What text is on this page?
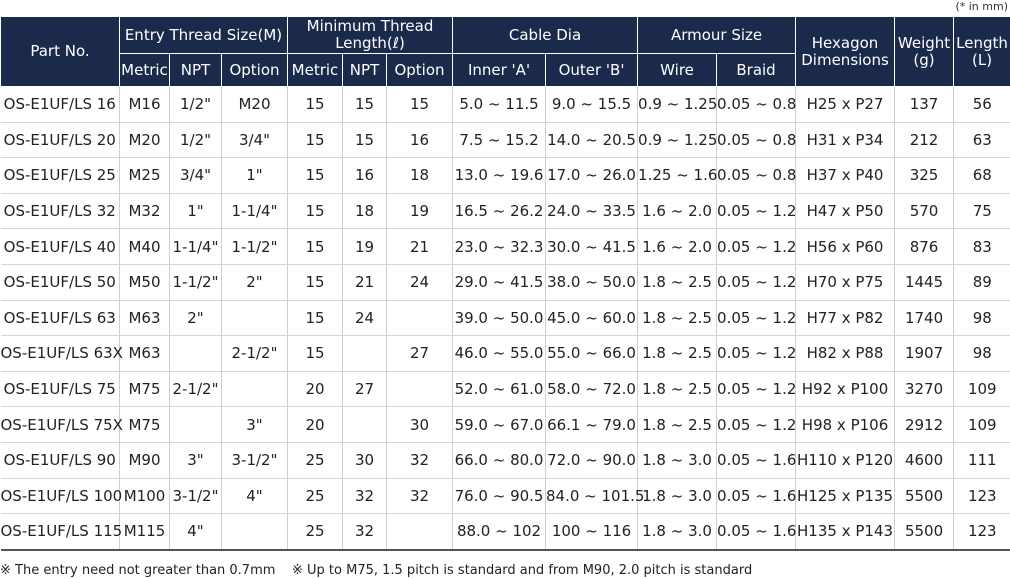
(* in mm)
Part No.	Entry Thread Size(M)			Minimum Thread Length(ℓ)			Cable Dia		Armour Size		Hexagon Dimensions	Weight (g)	Length (L)
	Metric	NPT	Option	Metric	NPT	Option	Inner 'A'	Outer 'B'	Wire	Braid			
OS-E1UF/LS 16	M16	1/2"	M20	15	15	15	5.0 ~ 11.5	9.0 ~ 15.5	0.9 ~ 1.25	0.05 ~ 0.8	H25 x P27	137	56
OS-E1UF/LS 20	M20	1/2"	3/4"	15	15	16	7.5 ~ 15.2	14.0 ~ 20.5	0.9 ~ 1.25	0.05 ~ 0.8	H31 x P34	212	63
OS-E1UF/LS 25	M25	3/4"	1"	15	16	18	13.0 ~ 19.6	17.0 ~ 26.0	1.25 ~ 1.6	0.05 ~ 0.8	H37 x P40	325	68
OS-E1UF/LS 32	M32	1"	1-1/4"	15	18	19	16.5 ~ 26.2	24.0 ~ 33.5	1.6 ~ 2.0	0.05 ~ 1.2	H47 x P50	570	75
OS-E1UF/LS 40	M40	1-1/4"	1-1/2"	15	19	21	23.0 ~ 32.3	30.0 ~ 41.5	1.6 ~ 2.0	0.05 ~ 1.2	H56 x P60	876	83
OS-E1UF/LS 50	M50	1-1/2"	2"	15	21	24	29.0 ~ 41.5	38.0 ~ 50.0	1.8 ~ 2.5	0.05 ~ 1.2	H70 x P75	1445	89
OS-E1UF/LS 63	M63	2"		15	24		39.0 ~ 50.0	45.0 ~ 60.0	1.8 ~ 2.5	0.05 ~ 1.2	H77 x P82	1740	98
OS-E1UF/LS 63X	M63		2-1/2"	15		27	46.0 ~ 55.0	55.0 ~ 66.0	1.8 ~ 2.5	0.05 ~ 1.2	H82 x P88	1907	98
OS-E1UF/LS 75	M75	2-1/2"		20	27		52.0 ~ 61.0	58.0 ~ 72.0	1.8 ~ 2.5	0.05 ~ 1.2	H92 x P100	3270	109
OS-E1UF/LS 75X	M75		3"	20		30	59.0 ~ 67.0	66.1 ~ 79.0	1.8 ~ 2.5	0.05 ~ 1.2	H98 x P106	2912	109
OS-E1UF/LS 90	M90	3"	3-1/2"	25	30	32	66.0 ~ 80.0	72.0 ~ 90.0	1.8 ~ 3.0	0.05 ~ 1.6	H110 x P120	4600	111
OS-E1UF/LS 100	M100	3-1/2"	4"	25	32	32	76.0 ~ 90.5	84.0 ~ 101.5	1.8 ~ 3.0	0.05 ~ 1.6	H125 x P135	5500	123
OS-E1UF/LS 115	M115	4"		25	32		88.0 ~ 102	100 ~ 116	1.8 ~ 3.0	0.05 ~ 1.6	H135 x P143	5500	123
※ The entry need not greater than 0.7mm ※ Up to M75, 1.5 pitch is standard and from M90, 2.0 pitch is standard
